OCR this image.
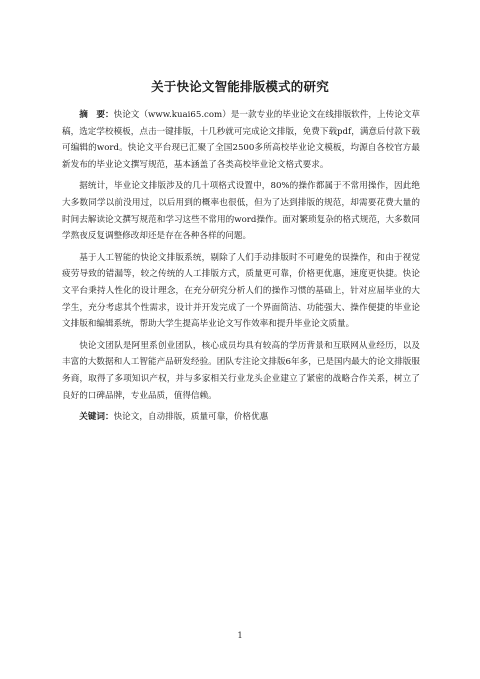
关于快论文智能排版模式的研究

摘　要：快论文（www.kuai65.com）是一款专业的毕业论文在线排版软件，上传论文草稿，选定学校模板，点击一键排版，十几秒就可完成论文排版，免费下载pdf，满意后付款下载可编辑的word。快论文平台现已汇聚了全国2500多所高校毕业论文模板，均源自各校官方最新发布的毕业论文撰写规范，基本涵盖了各类高校毕业论文格式要求。

据统计，毕业论文排版涉及的几十项格式设置中，80%的操作都属于不常用操作，因此绝大多数同学以前没用过，以后用到的概率也很低，但为了达到排版的规范，却需要花费大量的时间去解读论文撰写规范和学习这些不常用的word操作。面对繁琐复杂的格式规范，大多数同学熬夜反复调整修改却还是存在各种各样的问题。

基于人工智能的快论文排版系统，剔除了人们手动排版时不可避免的误操作，和由于视觉疲劳导致的错漏等，较之传统的人工排版方式，质量更可靠，价格更优惠，速度更快捷。快论文平台秉持人性化的设计理念，在充分研究分析人们的操作习惯的基础上，针对应届毕业的大学生，充分考虑其个性需求，设计并开发完成了一个界面简洁、功能强大、操作便捷的毕业论文排版和编辑系统，帮助大学生提高毕业论文写作效率和提升毕业论文质量。

快论文团队是阿里系创业团队，核心成员均具有较高的学历背景和互联网从业经历，以及丰富的大数据和人工智能产品研发经验。团队专注论文排版6年多，已是国内最大的论文排版服务商，取得了多项知识产权，并与多家相关行业龙头企业建立了紧密的战略合作关系，树立了良好的口碑品牌，专业品质，值得信赖。

关键词：快论文，自动排版，质量可靠，价格优惠

1
